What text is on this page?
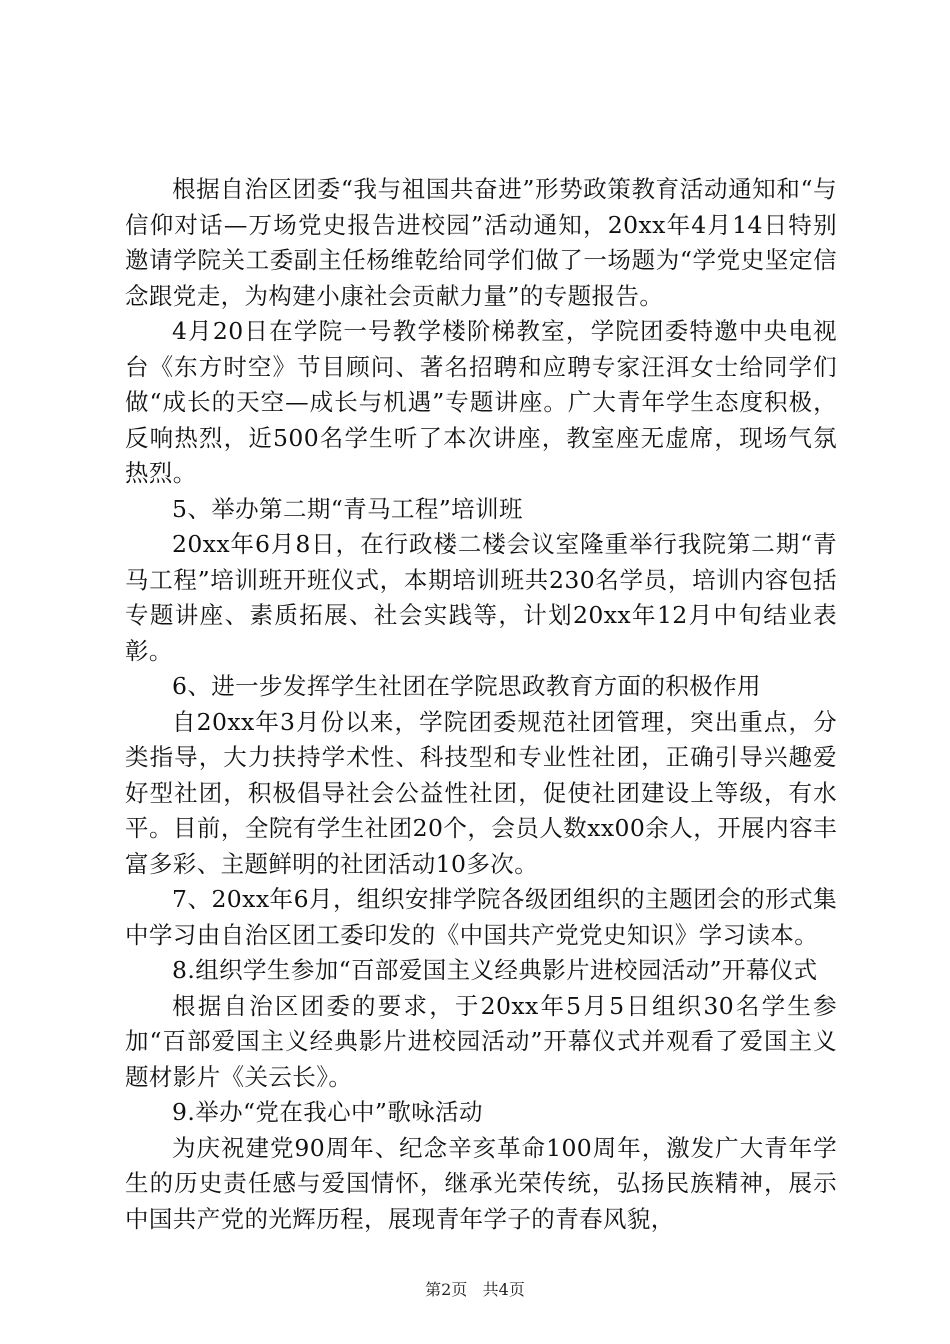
根据自治区团委“我与祖国共奋进”形势政策教育活动通知和“与信仰对话—万场党史报告进校园”活动通知，20xx年4月14日特别邀请学院关工委副主任杨维乾给同学们做了一场题为“学党史坚定信念跟党走，为构建小康社会贡献力量”的专题报告。

4月20日在学院一号教学楼阶梯教室，学院团委特邀中央电视台《东方时空》节目顾问、著名招聘和应聘专家汪洱女士给同学们做“成长的天空—成长与机遇”专题讲座。广大青年学生态度积极，反响热烈，近500名学生听了本次讲座，教室座无虚席，现场气氛热烈。

5、举办第二期“青马工程”培训班

20xx年6月8日，在行政楼二楼会议室隆重举行我院第二期“青马工程”培训班开班仪式，本期培训班共230名学员，培训内容包括专题讲座、素质拓展、社会实践等，计划20xx年12月中旬结业表彰。

6、进一步发挥学生社团在学院思政教育方面的积极作用

自20xx年3月份以来，学院团委规范社团管理，突出重点，分类指导，大力扶持学术性、科技型和专业性社团，正确引导兴趣爱好型社团，积极倡导社会公益性社团，促使社团建设上等级，有水平。目前，全院有学生社团20个，会员人数xx00余人，开展内容丰富多彩、主题鲜明的社团活动10多次。

7、20xx年6月，组织安排学院各级团组织的主题团会的形式集中学习由自治区团工委印发的《中国共产党党史知识》学习读本。

8.组织学生参加“百部爱国主义经典影片进校园活动”开幕仪式

根据自治区团委的要求，于20xx年5月5日组织30名学生参加“百部爱国主义经典影片进校园活动”开幕仪式并观看了爱国主义题材影片《关云长》。

9.举办“党在我心中”歌咏活动

为庆祝建党90周年、纪念辛亥革命100周年，激发广大青年学生的历史责任感与爱国情怀，继承光荣传统，弘扬民族精神，展示中国共产党的光辉历程，展现青年学子的青春风貌，

第2页 共4页
